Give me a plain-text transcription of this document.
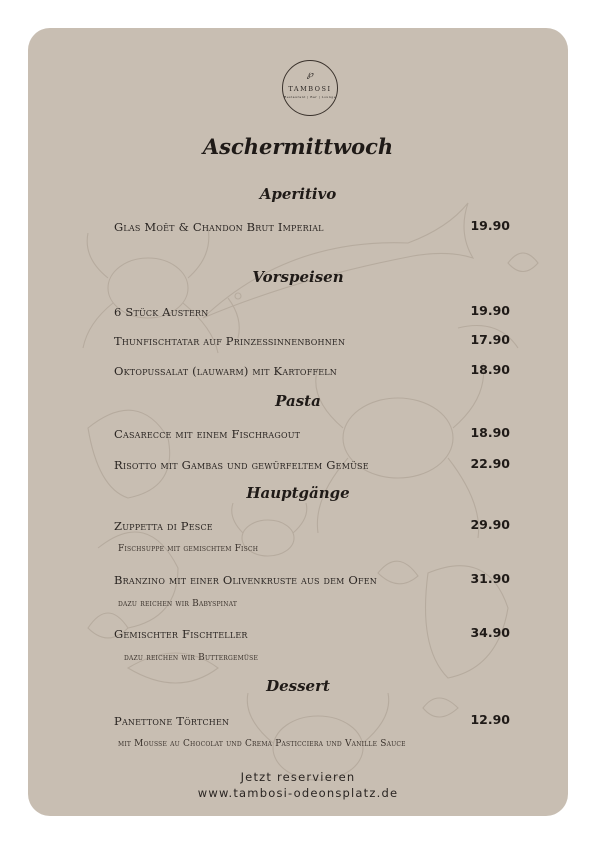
℘
TAMBOSI
Restaurant | Bar | Lounge
Aschermittwoch
Aperitivo
Glas Moët & Chandon Brut Imperial	19.90
Vorspeisen
6 Stück Austern	19.90
Thunfischtatar auf Prinzessinnenbohnen	17.90
Oktopussalat (lauwarm) mit Kartoffeln	18.90
Pasta
Casarecce mit einem Fischragout	18.90
Risotto mit Gambas und gewürfeltem Gemüse	22.90
Hauptgänge
Zuppetta di Pesce	29.90
Fischsuppe mit gemischtem Fisch
Branzino mit einer Olivenkruste aus dem Ofen	31.90
dazu reichen wir Babyspinat
Gemischter Fischteller	34.90
dazu reichen wir Buttergemüse
Dessert
Panettone Törtchen	12.90
mit Mousse au Chocolat und Crema Pasticciera und Vanille Sauce
Jetzt reservieren
www.tambosi-odeonsplatz.de
